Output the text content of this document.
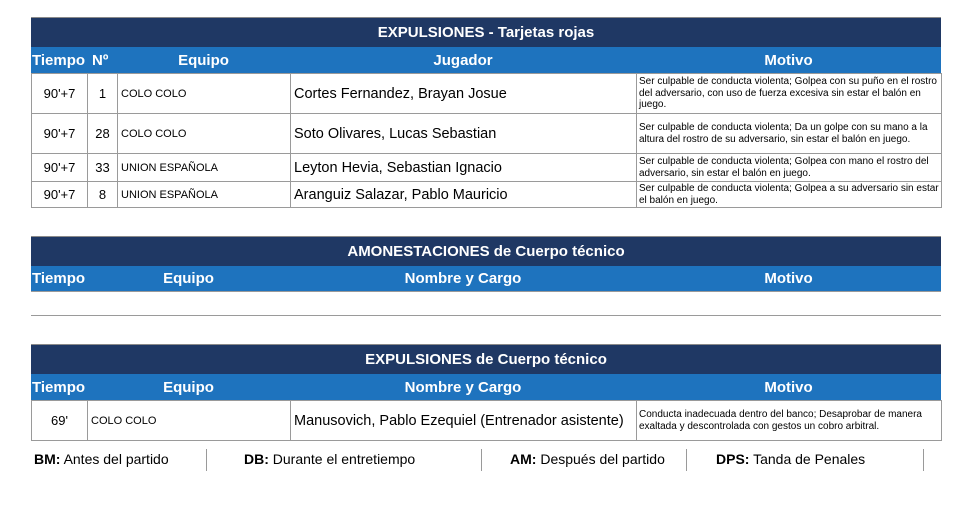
EXPULSIONES - Tarjetas rojas
Tiempo Nº	Equipo	Jugador	Motivo
90'+7	1	COLO COLO	Cortes Fernandez, Brayan Josue	Ser culpable de conducta violenta; Golpea con su puño en el rostro del adversario, con uso de fuerza excesiva sin estar el balón en juego.
90'+7	28	COLO COLO	Soto Olivares, Lucas Sebastian	Ser culpable de conducta violenta; Da un golpe con su mano a la altura del rostro de su adversario, sin estar el balón en juego.
90'+7	33	UNION ESPAÑOLA	Leyton Hevia, Sebastian Ignacio	Ser culpable de conducta violenta; Golpea con mano el rostro del adversario, sin estar el balón en juego.
90'+7	8	UNION ESPAÑOLA	Aranguiz Salazar, Pablo Mauricio	Ser culpable de conducta violenta; Golpea a su adversario sin estar el balón en juego.
AMONESTACIONES de Cuerpo técnico
Tiempo	Equipo	Nombre y Cargo	Motivo
EXPULSIONES de Cuerpo técnico
Tiempo	Equipo	Nombre y Cargo	Motivo
69'	COLO COLO	Manusovich, Pablo Ezequiel (Entrenador asistente)	Conducta inadecuada dentro del banco; Desaprobar de manera exaltada y descontrolada con gestos un cobro arbitral.
BM: Antes del partido	DB: Durante el entretiempo	AM: Después del partido	DPS: Tanda de Penales
